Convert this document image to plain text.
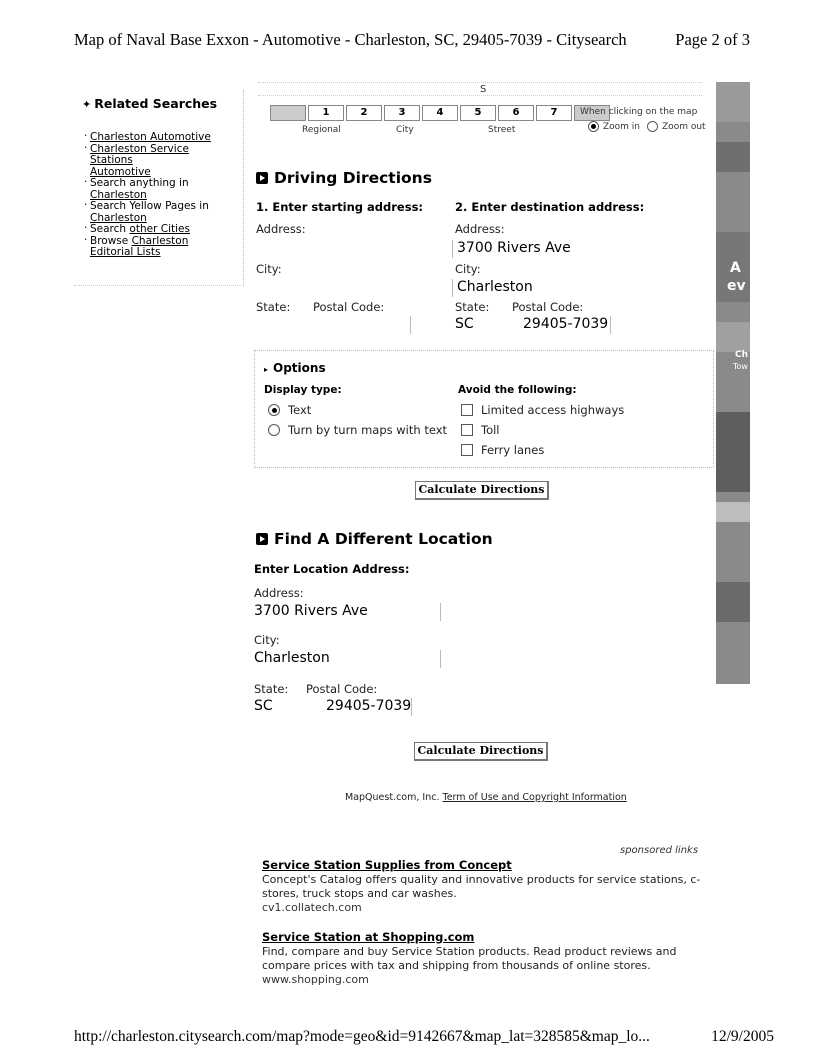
Map of Naval Base Exxon - Automotive - Charleston, SC, 29405-7039 - Citysearch	Page 2 of 3
✦ Related Searches
· Charleston Automotive
· Charleston Service Stations
Automotive
· Search anything in
Charleston
· Search Yellow Pages in
Charleston
· Search other Cities
· Browse Charleston Editorial Lists
S
1	2	3	4	5	6	7
Regional	City	Street
When clicking on the map
Zoom in Zoom out
A
ev
Ch
Tow
Driving Directions
1. Enter starting address:	2. Enter destination address:
Address:
City:
State: Postal Code:
Address:
3700 Rivers Ave
City:
Charleston
State: Postal Code:
SC	29405-7039
▸ Options
Display type:	Avoid the following:
Text
Turn by turn maps with text
Limited access highways
Toll
Ferry lanes
Calculate Directions
Find A Different Location
Enter Location Address:
Address:
3700 Rivers Ave
City:
Charleston
State: Postal Code:
SC	29405-7039
Calculate Directions
MapQuest.com, Inc. Term of Use and Copyright Information
sponsored links
Service Station Supplies from Concept
Concept's Catalog offers quality and innovative products for service stations, c-stores, truck stops and car washes.
cv1.collatech.com
Service Station at Shopping.com
Find, compare and buy Service Station products. Read product reviews and compare prices with tax and shipping from thousands of online stores.
www.shopping.com
http://charleston.citysearch.com/map?mode=geo&id=9142667&map_lat=328585&map_lo...	12/9/2005
